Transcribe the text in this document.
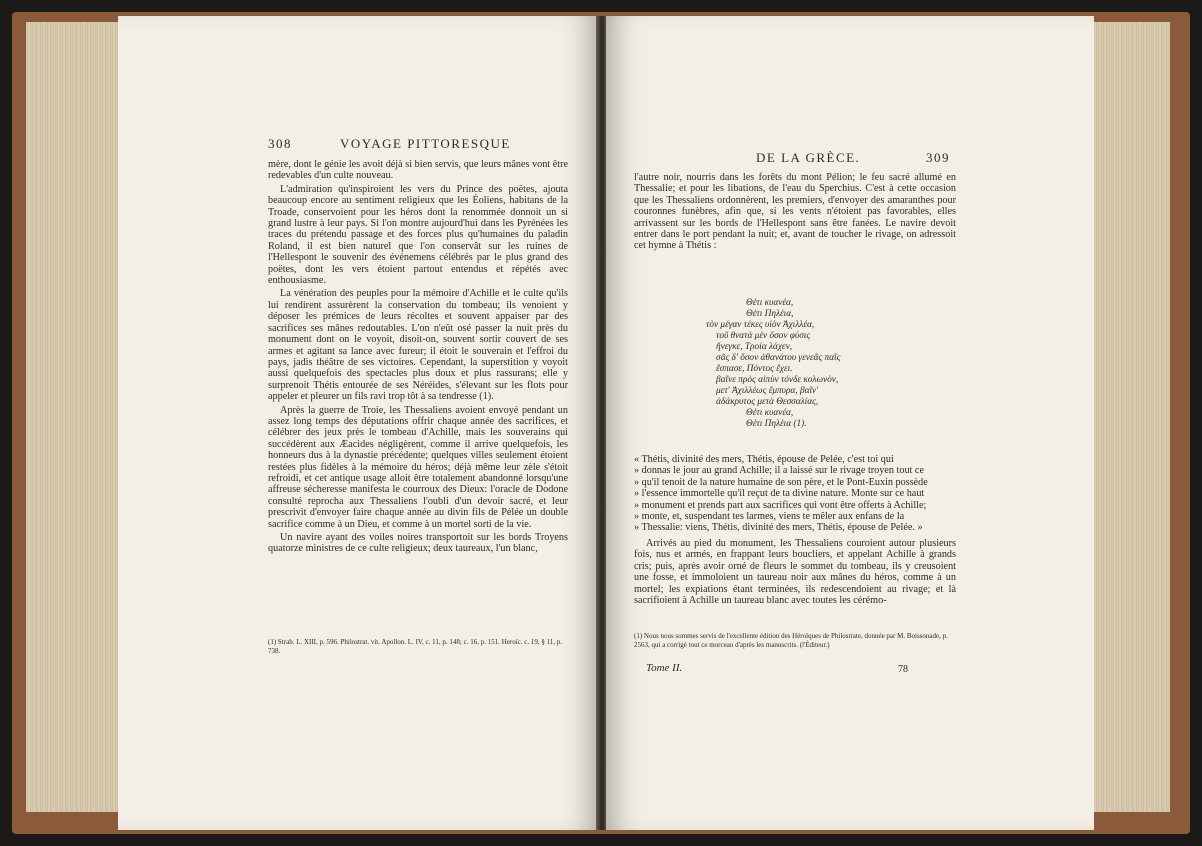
308	VOYAGE PITTORESQUE

mère, dont le génie les avoit déjà si bien servis, que leurs mânes vont être redevables d'un culte nouveau.

L'admiration qu'inspiroient les vers du Prince des poëtes, ajouta beaucoup encore au sentiment religieux que les Éoliens, habitans de la Troade, conservoient pour les héros dont la renommée donnoit un si grand lustre à leur pays. Si l'on montre aujourd'hui dans les Pyrénées les traces du prétendu passage et des forces plus qu'humaines du paladin Roland, il est bien naturel que l'on conservât sur les ruines de l'Hellespont le souvenir des événemens célébrés par le plus grand des poëtes, dont les vers étoient partout entendus et répétés avec enthousiasme.

La vénération des peuples pour la mémoire d'Achille et le culte qu'ils lui rendirent assurèrent la conservation du tombeau; ils venoient y déposer les prémices de leurs récoltes et souvent appaiser par des sacrifices ses mânes redoutables. L'on n'eût osé passer la nuit près du monument dont on le voyoit, disoit-on, souvent sortir couvert de ses armes et agitant sa lance avec fureur; il étoit le souverain et l'effroi du pays, jadis théâtre de ses victoires. Cependant, la superstition y voyoit aussi quelquefois des spectacles plus doux et plus rassurans; elle y surprenoit Thétis entourée de ses Néréides, s'élevant sur les flots pour appeler et pleurer un fils ravi trop tôt à sa tendresse (1).

Après la guerre de Troie, les Thessaliens avoient envoyé pendant un assez long temps des députations offrir chaque année des sacrifices, et célébrer des jeux près le tombeau d'Achille, mais les souverains qui succédèrent aux Æacides négligèrent, comme il arrive quelquefois, les honneurs dus à la dynastie précédente; quelques villes seulement étoient restées plus fidèles à la mémoire du héros; déjà même leur zèle s'étoit refroidi, et cet antique usage alloit être totalement abandonné lorsqu'une affreuse sécheresse manifesta le courroux des Dieux: l'oracle de Dodone consulté reprocha aux Thessaliens l'oubli d'un devoir sacré, et leur prescrivit d'envoyer faire chaque année au divin fils de Pélée un double sacrifice comme à un Dieu, et comme à un mortel sorti de la vie.

Un navire ayant des voiles noires transportoit sur les bords Troyens quatorze ministres de ce culte religieux; deux taureaux, l'un blanc,

(1) Strab. L. XIII, p. 596. Philostrat. vit. Apollon. L. IV, c. 11, p. 148; c. 16, p. 151. Heroïc. c. 19, § 11, p. 738.
DE LA GRÈCE.	309

l'autre noir, nourris dans les forêts du mont Pélion; le feu sacré allumé en Thessalie; et pour les libations, de l'eau du Sperchius. C'est à cette occasion que les Thessaliens ordonnèrent, les premiers, d'envoyer des amaranthes pour couronnes funèbres, afin que, si les vents n'étoient pas favorables, elles arrivassent sur les bords de l'Hellespont sans être fanées. Le navire devoit entrer dans le port pendant la nuit; et, avant de toucher le rivage, on adressoit cet hymne à Thétis :

Θέτι κυανέα,
Θέτι Πηλέια,
τὸν μέγαν τέκες υἱὸν Ἀχιλλέα,
τοῦ θνατὰ μὲν ὅσον φύσις
ἤνεγκε, Τροία λάχεν,
σᾶς δ' ὅσον ἀθανάτου γενεᾶς παῖς
ἔσπασε, Πόντος ἔχει.
βαῖνε πρὸς αἰπὺν τόνδε κολωνὸν,
μετ' Ἀχιλλέως ἔμπυρα, βαῖν'
ἀδάκρυτος μετὰ Θεσσαλίας,
Θέτι κυανέα,
Θέτι Πηλέια (1).

« Thétis, divinité des mers, Thétis, épouse de Pelée, c'est toi qui

» donnas le jour au grand Achille; il a laissé sur le rivage troyen tout ce

» qu'il tenoit de la nature humaine de son père, et le Pont-Euxin possède

» l'essence immortelle qu'il reçut de ta divine nature. Monte sur ce haut

» monument et prends part aux sacrifices qui vont être offerts à Achille;

» monte, et, suspendant tes larmes, viens te mêler aux enfans de la

» Thessalie: viens, Thétis, divinité des mers, Thétis, épouse de Pelée. »

Arrivés au pied du monument, les Thessaliens couroient autour plusieurs fois, nus et armés, en frappant leurs boucliers, et appelant Achille à grands cris; puis, après avoir orné de fleurs le sommet du tombeau, ils y creusoient une fosse, et immoloient un taureau noir aux mânes du héros, comme à un mortel; les expiations étant terminées, ils redescendoient au rivage; et là sacrifioient à Achille un taureau blanc avec toutes les cérémo-

(1) Nous nous sommes servis de l'excellente édition des Héroïques de Philostrate, donnée par M. Boissonade, p. 2563, qui a corrigé tout ce morceau d'après les manuscrits. (l'Éditeur.)
Tome II.	78
